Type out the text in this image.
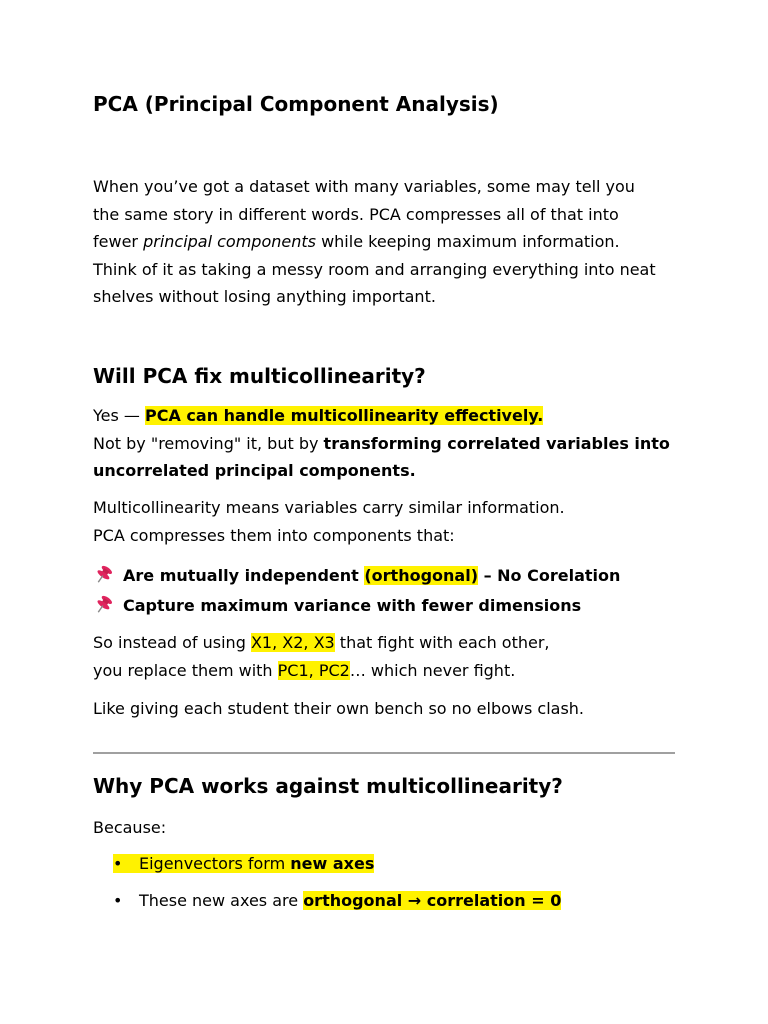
PCA (Principal Component Analysis)

When you’ve got a dataset with many variables, some may tell you
the same story in different words. PCA compresses all of that into
fewer principal components while keeping maximum information.
Think of it as taking a messy room and arranging everything into neat
shelves without losing anything important.

Will PCA fix multicollinearity?

Yes — PCA can handle multicollinearity effectively.
Not by "removing" it, but by transforming correlated variables into
uncorrelated principal components.

Multicollinearity means variables carry similar information.
PCA compresses them into components that:

Are mutually independent (orthogonal) – No Corelation

Capture maximum variance with fewer dimensions

So instead of using X1, X2, X3 that fight with each other,
you replace them with PC1, PC2… which never fight.

Like giving each student their own bench so no elbows clash.

Why PCA works against multicollinearity?

Because:

• Eigenvectors form new axes

• These new axes are orthogonal → correlation = 0
